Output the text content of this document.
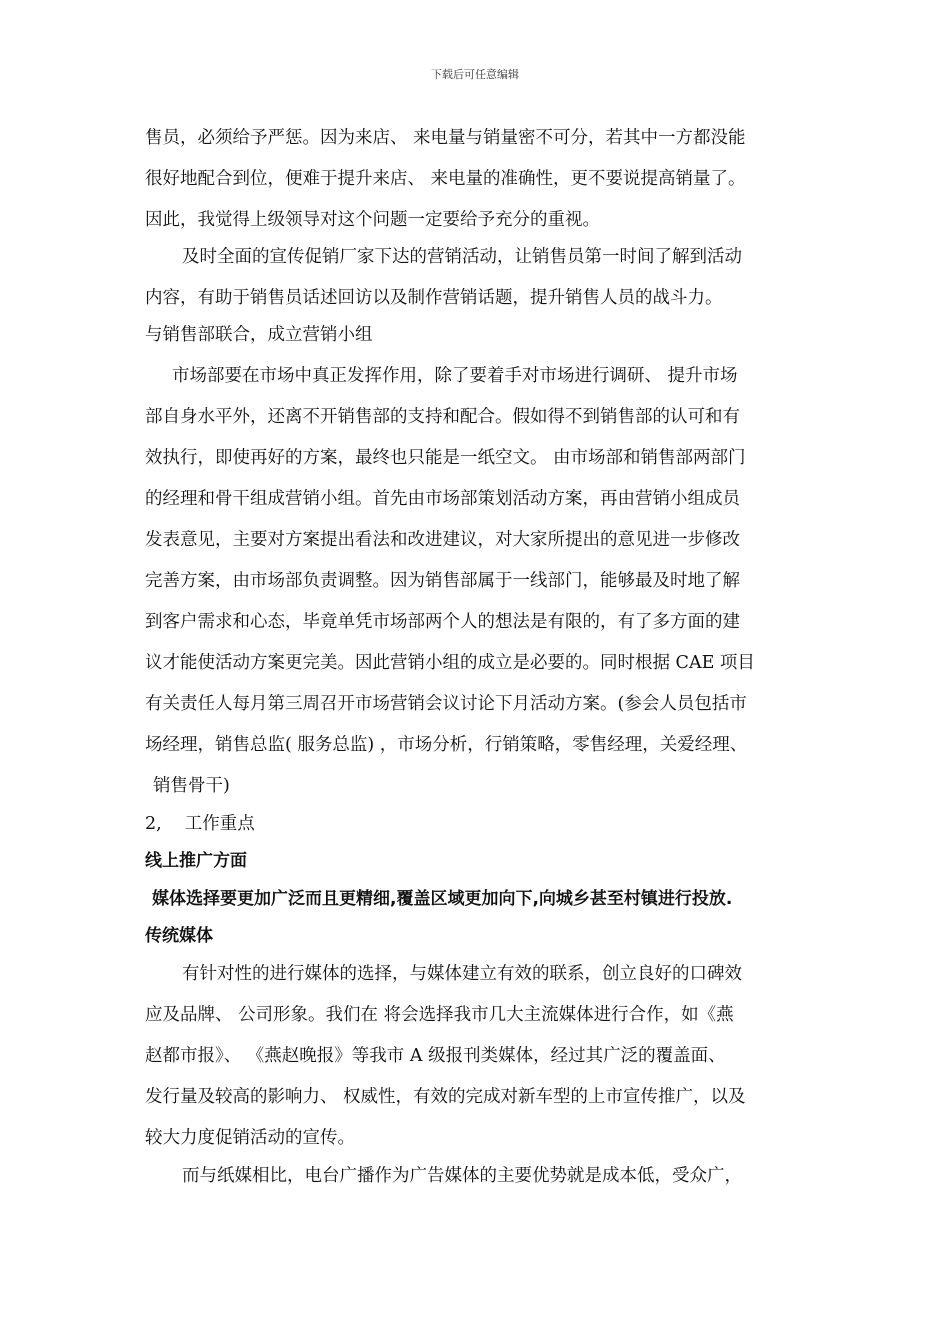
下载后可任意编辑
售员，必须给予严惩。因为来店、 来电量与销量密不可分，若其中一方都没能
很好地配合到位，便难于提升来店、 来电量的准确性，更不要说提高销量了。
因此，我觉得上级领导对这个问题一定要给予充分的重视。
及时全面的宣传促销厂家下达的营销活动，让销售员第一时间了解到活动
内容，有助于销售员话述回访以及制作营销话题，提升销售人员的战斗力。
与销售部联合，成立营销小组
市场部要在市场中真正发挥作用，除了要着手对市场进行调研、 提升市场
部自身水平外，还离不开销售部的支持和配合。假如得不到销售部的认可和有
效执行，即使再好的方案，最终也只能是一纸空文。 由市场部和销售部两部门
的经理和骨干组成营销小组。首先由市场部策划活动方案，再由营销小组成员
发表意见，主要对方案提出看法和改进建议，对大家所提出的意见进一步修改
完善方案，由市场部负责调整。因为销售部属于一线部门，能够最及时地了解
到客户需求和心态，毕竟单凭市场部两个人的想法是有限的，有了多方面的建
议才能使活动方案更完美。因此营销小组的成立是必要的。同时根据 CAE 项目
有关责任人每月第三周召开市场营销会议讨论下月活动方案。(参会人员包括市
场经理，销售总监( 服务总监) ，市场分析，行销策略，零售经理，关爱经理、
销售骨干)
2,　 工作重点
线上推广方面
媒体选择要更加广泛而且更精细,覆盖区域更加向下,向城乡甚至村镇进行投放.
传统媒体
有针对性的进行媒体的选择，与媒体建立有效的联系，创立良好的口碑效
应及品牌、 公司形象。我们在 将会选择我市几大主流媒体进行合作，如《燕
赵都市报》、 《燕赵晚报》等我市 A 级报刊类媒体，经过其广泛的覆盖面、
发行量及较高的影响力、 权威性，有效的完成对新车型的上市宣传推广，以及
较大力度促销活动的宣传。
而与纸媒相比，电台广播作为广告媒体的主要优势就是成本低，受众广，
